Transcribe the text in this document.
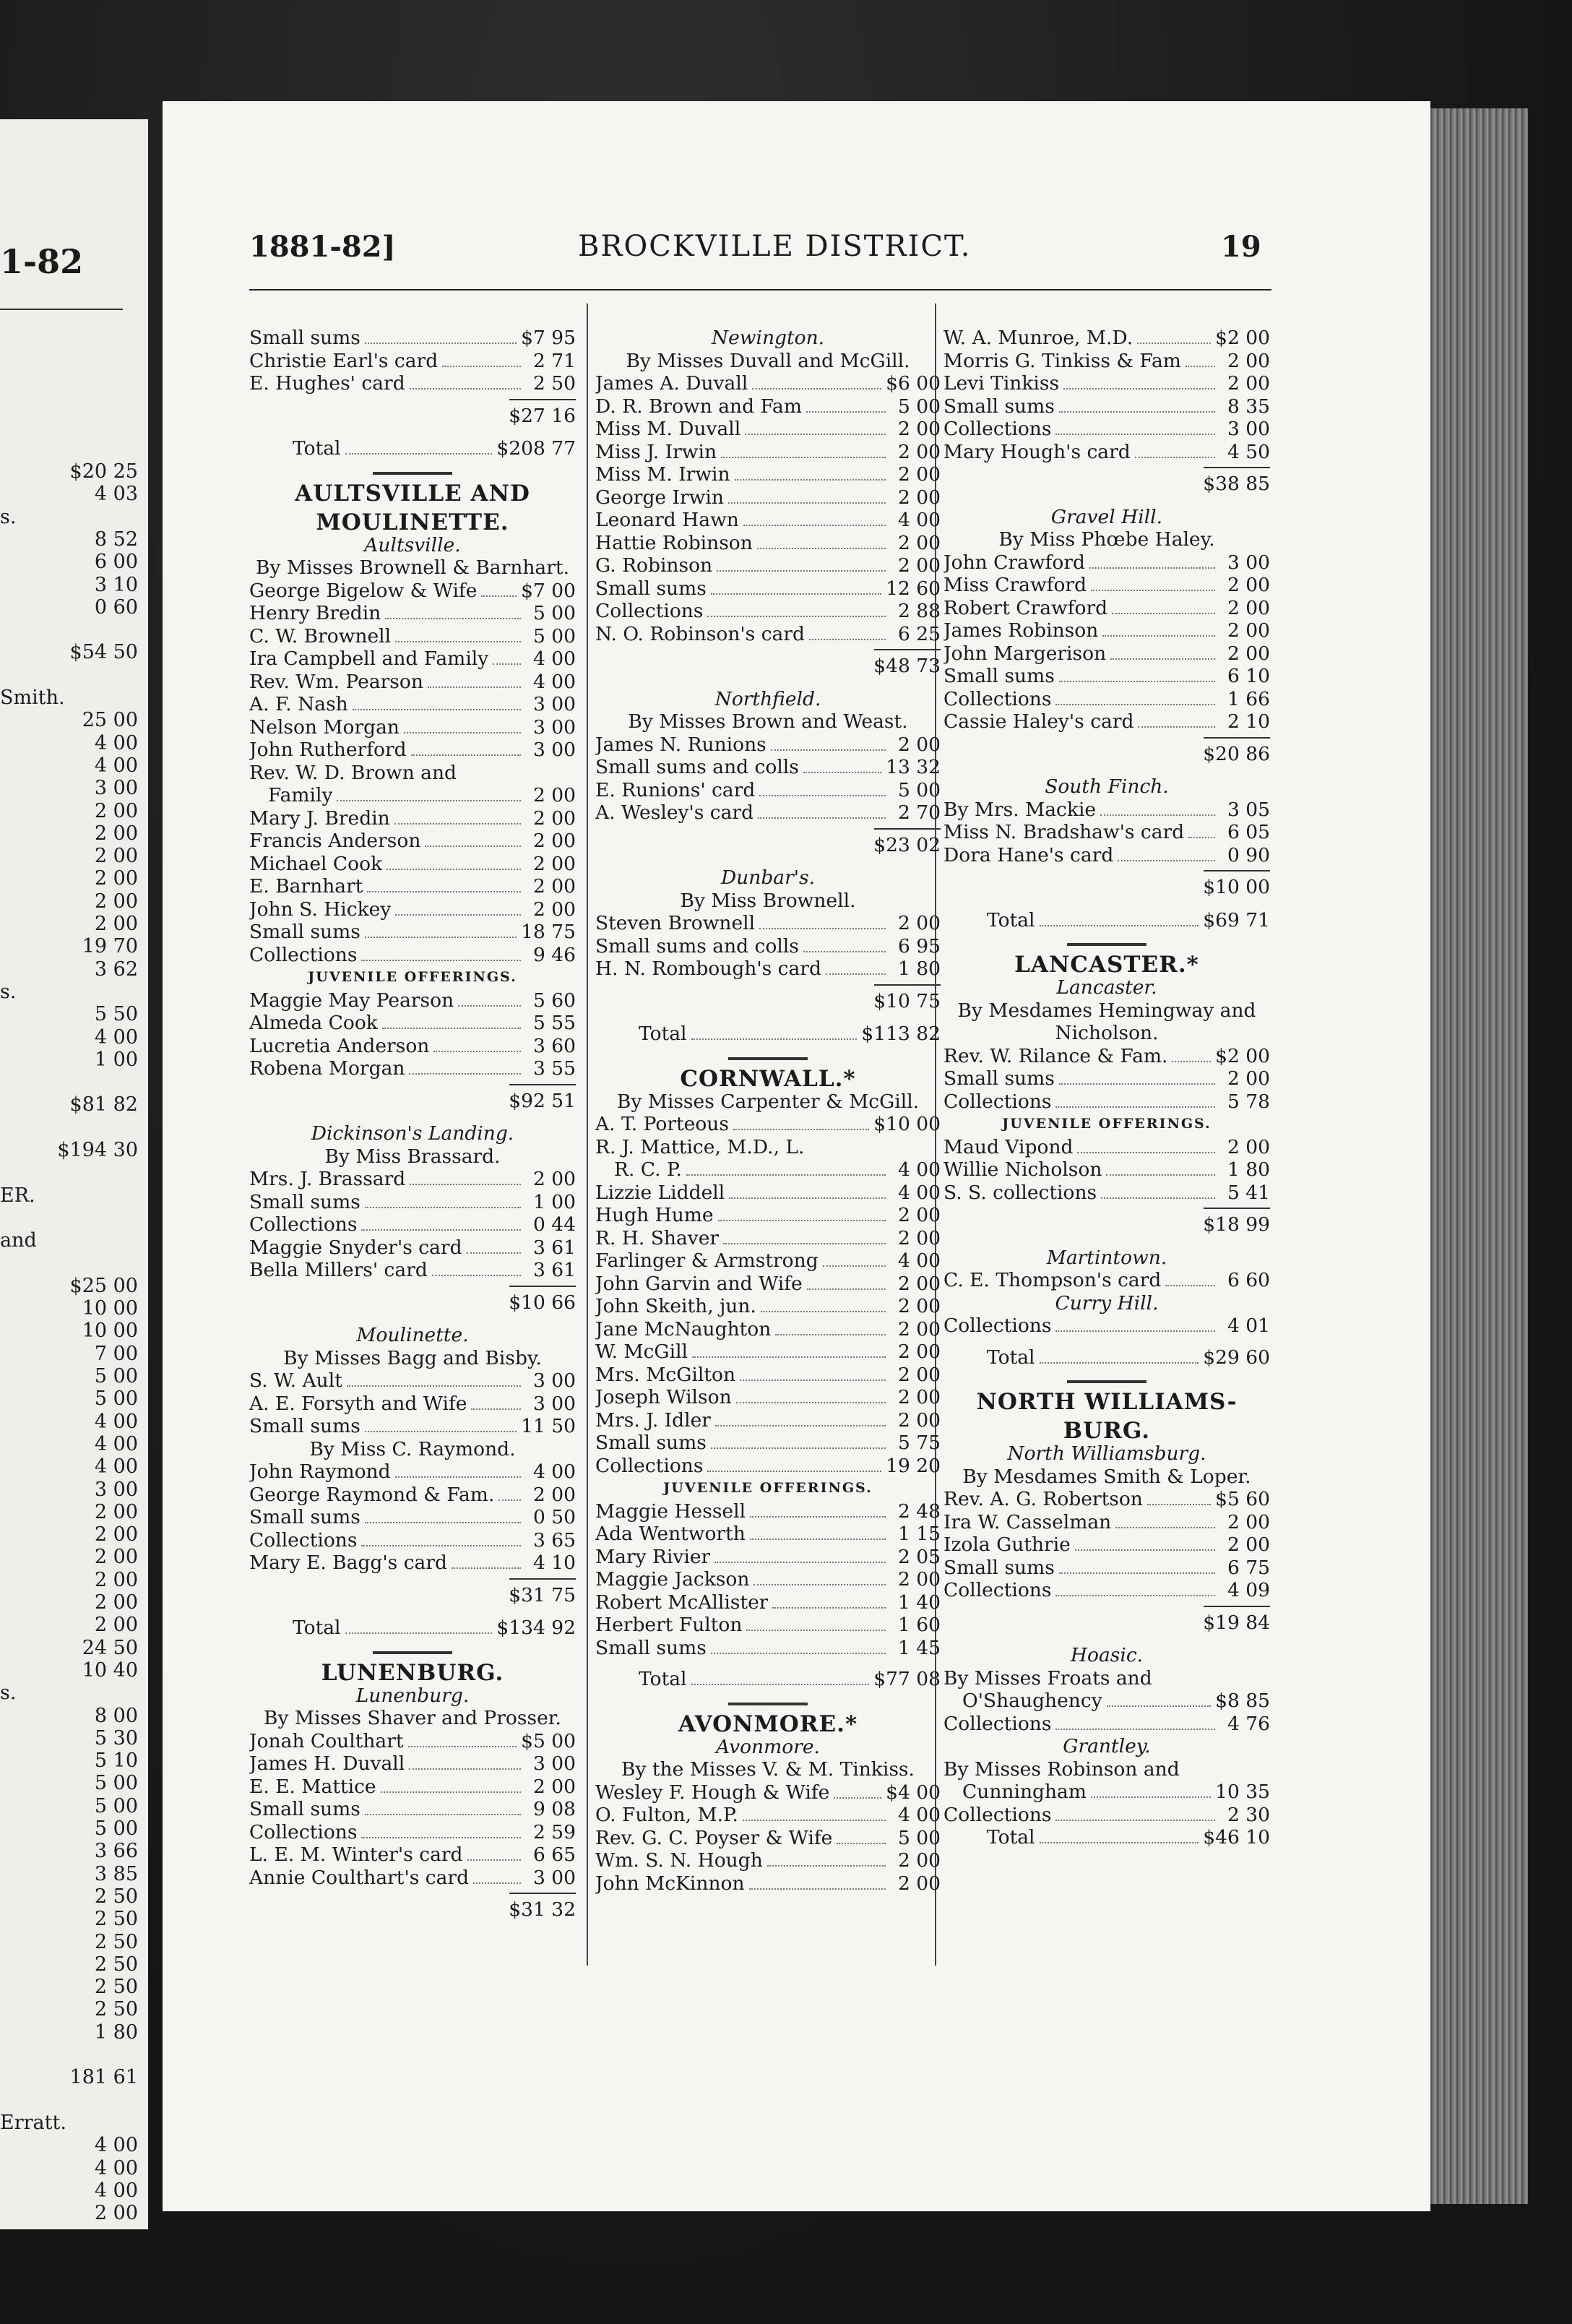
1-82
$20 25
4 03
s.
8 52
6 00
3 10
0 60
$54 50
Smith.
25 00
4 00
4 00
3 00
2 00
2 00
2 00
2 00
2 00
2 00
19 70
3 62
s.
5 50
4 00
1 00
$81 82
$194 30
ER.
and
$25 00
10 00
10 00
7 00
5 00
5 00
4 00
4 00
4 00
3 00
2 00
2 00
2 00
2 00
2 00
2 00
24 50
10 40
s.
8 00
5 30
5 10
5 00
5 00
5 00
3 66
3 85
2 50
2 50
2 50
2 50
2 50
2 50
1 80
181 61
Erratt.
4 00
4 00
4 00
2 00
1881-82]	BROCKVILLE DISTRICT.	19
Small sums	$7 95
Christie Earl's card	2 71
E. Hughes' card	2 50
$27 16
Total	$208 77
AULTSVILLE AND
MOULINETTE.
Aultsville.
By Misses Brownell & Barnhart.
George Bigelow & Wife $7 00
Henry Bredin	5 00
C. W. Brownell	5 00
Ira Campbell and Family	4 00
Rev. Wm. Pearson	4 00
A. F. Nash	3 00
Nelson Morgan	3 00
John Rutherford	3 00
Rev. W. D. Brown and
Family	2 00
Mary J. Bredin	2 00
Francis Anderson	2 00
Michael Cook	2 00
E. Barnhart	2 00
John S. Hickey	2 00
Small sums	18 75
Collections	9 46
JUVENILE OFFERINGS.
Maggie May Pearson	5 60
Almeda Cook	5 55
Lucretia Anderson	3 60
Robena Morgan	3 55
$92 51
Dickinson's Landing.
By Miss Brassard.
Mrs. J. Brassard	2 00
Small sums	1 00
Collections	0 44
Maggie Snyder's card	3 61
Bella Millers' card	3 61
$10 66
Moulinette.
By Misses Bagg and Bisby.
S. W. Ault	3 00
A. E. Forsyth and Wife	3 00
Small sums	11 50
By Miss C. Raymond.
John Raymond	4 00
George Raymond & Fam.	2 00
Small sums	0 50
Collections	3 65
Mary E. Bagg's card	4 10
$31 75
Total	$134 92
LUNENBURG.
Lunenburg.
By Misses Shaver and Prosser.
Jonah Coulthart	$5 00
James H. Duvall	3 00
E. E. Mattice	2 00
Small sums	9 08
Collections	2 59
L. E. M. Winter's card	6 65
Annie Coulthart's card	3 00
$31 32
Newington.
By Misses Duvall and McGill.
James A. Duvall	$6 00
D. R. Brown and Fam	5 00
Miss M. Duvall	2 00
Miss J. Irwin	2 00
Miss M. Irwin	2 00
George Irwin	2 00
Leonard Hawn	4 00
Hattie Robinson	2 00
G. Robinson	2 00
Small sums	12 60
Collections	2 88
N. O. Robinson's card	6 25
$48 73
Northfield.
By Misses Brown and Weast.
James N. Runions	2 00
Small sums and colls	13 32
E. Runions' card	5 00
A. Wesley's card	2 70
$23 02
Dunbar's.
By Miss Brownell.
Steven Brownell	2 00
Small sums and colls	6 95
H. N. Rombough's card	1 80
$10 75
Total	$113 82
CORNWALL.*
By Misses Carpenter & McGill.
A. T. Porteous	$10 00
R. J. Mattice, M.D., L.
R. C. P.	4 00
Lizzie Liddell	4 00
Hugh Hume	2 00
R. H. Shaver	2 00
Farlinger & Armstrong	4 00
John Garvin and Wife	2 00
John Skeith, jun.	2 00
Jane McNaughton	2 00
W. McGill	2 00
Mrs. McGilton	2 00
Joseph Wilson	2 00
Mrs. J. Idler	2 00
Small sums	5 75
Collections	19 20
JUVENILE OFFERINGS.
Maggie Hessell	2 48
Ada Wentworth	1 15
Mary Rivier	2 05
Maggie Jackson	2 00
Robert McAllister	1 40
Herbert Fulton	1 60
Small sums	1 45
Total	$77 08
AVONMORE.*
Avonmore.
By the Misses V. & M. Tinkiss.
Wesley F. Hough & Wife	$4 00
O. Fulton, M.P.	4 00
Rev. G. C. Poyser & Wife	5 00
Wm. S. N. Hough	2 00
John McKinnon	2 00
W. A. Munroe, M.D.	$2 00
Morris G. Tinkiss & Fam	2 00
Levi Tinkiss	2 00
Small sums	8 35
Collections	3 00
Mary Hough's card	4 50
$38 85
Gravel Hill.
By Miss Phœbe Haley.
John Crawford	3 00
Miss Crawford	2 00
Robert Crawford	2 00
James Robinson	2 00
John Margerison	2 00
Small sums	6 10
Collections	1 66
Cassie Haley's card	2 10
$20 86
South Finch.
By Mrs. Mackie	3 05
Miss N. Bradshaw's card	6 05
Dora Hane's card	0 90
$10 00
Total	$69 71
LANCASTER.*
Lancaster.
By Mesdames Hemingway and
Nicholson.
Rev. W. Rilance & Fam. $2 00
Small sums	2 00
Collections	5 78
JUVENILE OFFERINGS.
Maud Vipond	2 00
Willie Nicholson	1 80
S. S. collections	5 41
$18 99
Martintown.
C. E. Thompson's card	6 60
Curry Hill.
Collections	4 01
Total	$29 60
NORTH WILLIAMS-
BURG.
North Williamsburg.
By Mesdames Smith & Loper.
Rev. A. G. Robertson	$5 60
Ira W. Casselman	2 00
Izola Guthrie	2 00
Small sums	6 75
Collections	4 09
$19 84
Hoasic.
By Misses Froats and
O'Shaughency	$8 85
Collections	4 76
Grantley.
By Misses Robinson and
Cunningham	10 35
Collections	2 30
Total	$46 10
